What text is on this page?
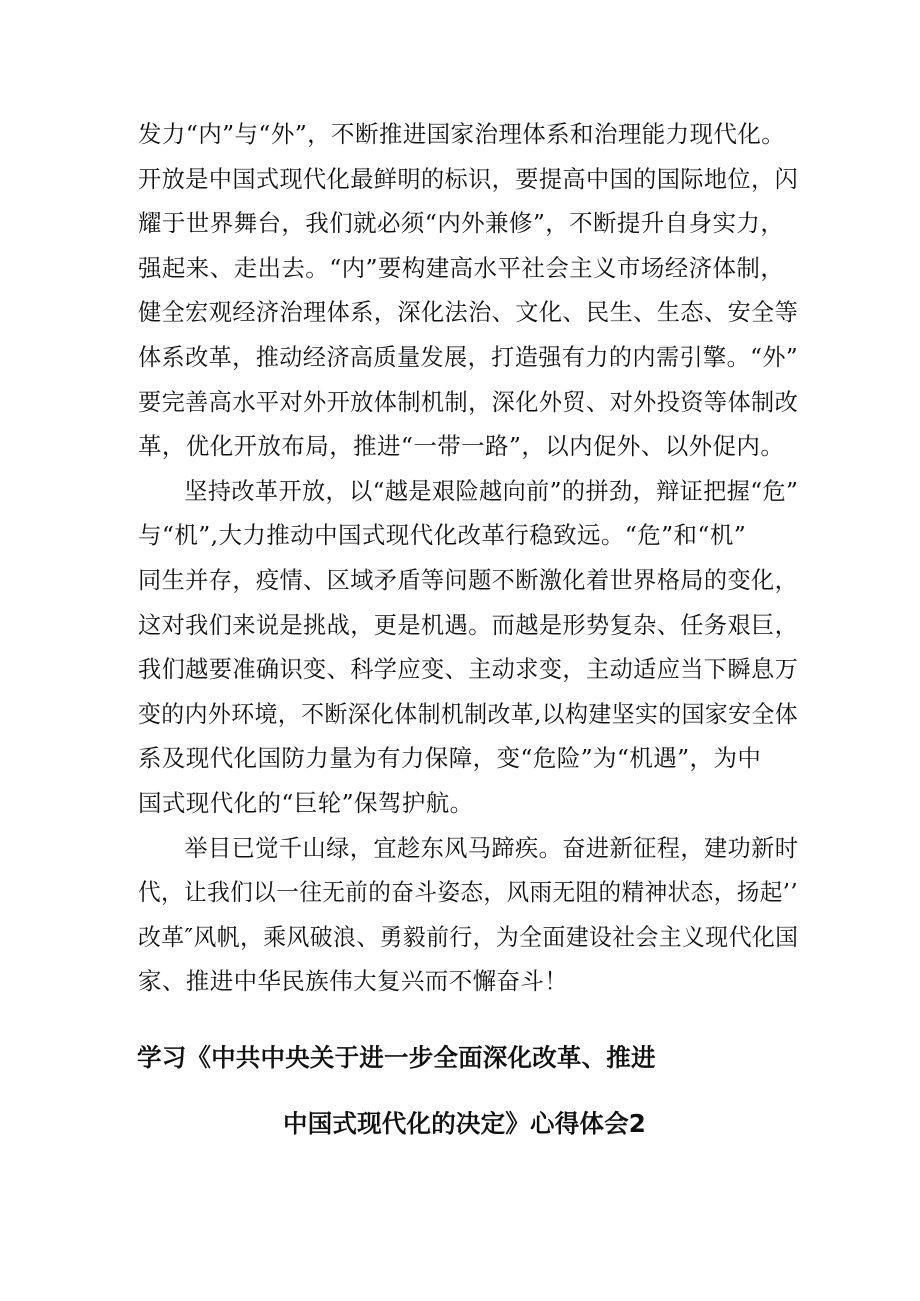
发力“内”与“外”，不断推进国家治理体系和治理能力现代化。
开放是中国式现代化最鲜明的标识，要提高中国的国际地位，闪
耀于世界舞台，我们就必须“内外兼修”，不断提升自身实力，
强起来、走出去。“内”要构建高水平社会主义市场经济体制，
健全宏观经济治理体系，深化法治、文化、民生、生态、安全等
体系改革，推动经济高质量发展，打造强有力的内需引擎。“外”
要完善高水平对外开放体制机制，深化外贸、对外投资等体制改
革，优化开放布局，推进“一带一路”，以内促外、以外促内。
坚持改革开放，以“越是艰险越向前”的拼劲，辩证把握“危”
与“机”,大力推动中国式现代化改革行稳致远。“危”和“机”
同生并存，疫情、区域矛盾等问题不断激化着世界格局的变化，
这对我们来说是挑战，更是机遇。而越是形势复杂、任务艰巨，
我们越要准确识变、科学应变、主动求变，主动适应当下瞬息万
变的内外环境，不断深化体制机制改革,以构建坚实的国家安全体
系及现代化国防力量为有力保障，变“危险”为“机遇”，为中
国式现代化的“巨轮”保驾护航。
举目已觉千山绿，宜趁东风马蹄疾。奋进新征程，建功新时
代，让我们以一往无前的奋斗姿态，风雨无阻的精神状态，扬起’’
改革″风帆，乘风破浪、勇毅前行，为全面建设社会主义现代化国
家、推进中华民族伟大复兴而不懈奋斗！
学习《中共中央关于进一步全面深化改革、推进
中国式现代化的决定》心得体会2
